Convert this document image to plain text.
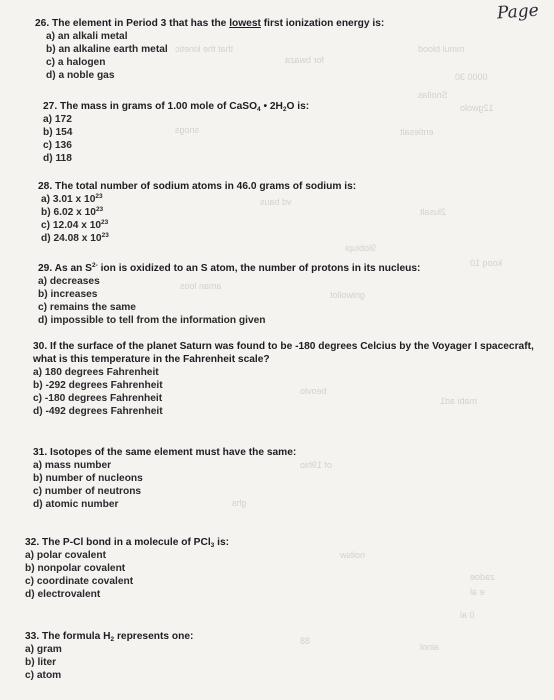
Page
that the kinetic
for bwaza
mmul blood
0000 30
Snollas
12gwolo
snogs	entlesalt
vd baus
2lusalt
9lobiupi
kooq 10
aman loos
gniwollot
beovlo
mabi ad1
of 19hio
ghs
noilsw
zadoe
e al
0 al
88
ainol
26. The element in Period 3 that has the lowest first ionization energy is:
a) an alkali metal
b) an alkaline earth metal
c) a halogen
d) a noble gas
27. The mass in grams of 1.00 mole of CaSO$_4$ • $2H_2O$ is:
a) 172
b) 154
c) 136
d) 118
28. The total number of sodium atoms in 46.0 grams of sodium is:
a) 3.01 x $10^{23}$
b) 6.02 x $10^{23}$
c) 12.04 x $10^{23}$
d) 24.08 x $10^{23}$
29. As an $S^{2-}$ ion is oxidized to an S atom, the number of protons in its nucleus:
a) decreases
b) increases
c) remains the same
d) impossible to tell from the information given
30. If the surface of the planet Saturn was found to be -180 degrees Celcius by the Voyager I spacecraft, what is this temperature in the Fahrenheit scale?
a) 180 degrees Fahrenheit
b) -292 degrees Fahrenheit
c) -180 degrees Fahrenheit
d) -492 degrees Fahrenheit
31. Isotopes of the same element must have the same:
a) mass number
b) number of nucleons
c) number of neutrons
d) atomic number
32. The P-Cl bond in a molecule of PCl$_3$ is:
a) polar covalent
b) nonpolar covalent
c) coordinate covalent
d) electrovalent
33. The formula $H_2$ represents one:
a) gram
b) liter
c) atom
